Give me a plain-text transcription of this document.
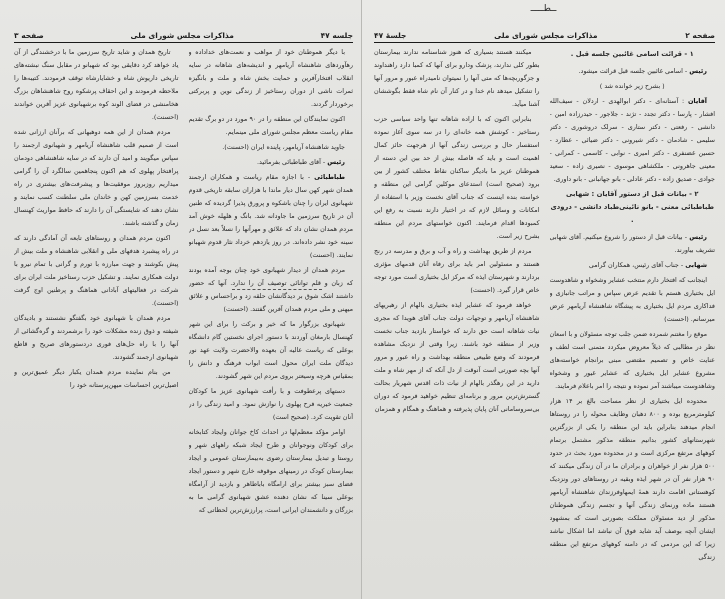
جلسه ۴۷
مذاکرات مجلس شورای ملی
صفحه ۳

با دیگر هموطنان خود از مواهب و نعمت‌های خداداده و رهآوردهای شاهنشاه آریامهر و اندیشه‌های شاهانه در سایه انقلاب افتخارآفرین و حمایت بخش شاه و ملت و بانگیزه ثمرات ناشی از دوران رستاخیز از زندگی نوین و پربرکتی برخوردار گردند.

اکنون نمایندگان این منطقه را در ۹۰ مورد در دو برگ تقدیم مقام ریاست معظم مجلس شورای ملی مینمایم.

جاوید شاهنشاه آریامهر، پاینده ایران (احسنت).

رئیس - آقای طباطبائی بفرمائید.

طباطبائی - با اجازه مقام ریاست و همکاران ارجمند همدان شهر کهن سال دیار ماندا با هزاران سابقه تاریخی قدوم شهبانوی ایران را چنان باشکوه و پرورق پذیرا گردیده که طنین آن در تاریخ سرزمین ما جاودانه شد. بانگ و هلهله خوش آمد مردم همدان نشان داد که علائق و مهرآنها را نسلاً بعد نسل در سینه خود نشر داده‌اند. در روز یازدهم خرداد نثار قدوم شهبانو نمایند. (احسنت)

مردم همدان از دیدار شهبانوی خود چنان بوجه آمده بودند که زبان و قلم توانائی توصیف آن را ندارد. آنها که حضور داشتند اشک شوق بر دیدگانشان حلقه زد و براحساس و علائق میهنی و ملی مردم همدان آفرین گفتند. (احسنت)

شهبانوی بزرگوار ما که خیر و برکت را برای این شهر کهنسال بارمغان آوردند با دستور اجرای نخستین گام دانشگاه بوعلی که ریاست عالیه آن بعهده والاحضرت ولایت عهد نور دیدگان ملت ایران محول است ابواب فرهنگ و دانش را بمقیاس هرچه وسیعتر بروی مردم این شهر گشودند.

دستهای پرعطوفت و با رأفت شهبانوی عزیز ما کودکان جمعیت خیریه فرح پهلوی را نوازش نمود. و امید زندگی را در آنان تقویت کرد. (صحیح است)

اوامر مؤکد معظم‌لها در احداث کاخ جوانان وایجاد کتابخانه برای کودکان ونوجوانان و طرح ایجاد شبکه راههای شهر و روستا و تبدیل بیمارستان رضوی به‌بیمارستان عمومی و ایجاد بیمارستان کودک در زمینهای موقوفه خارج شهر و دستور ایجاد فضای سبز بیشتر برای ارامگاه باباطاهر و بازدید از آرامگاه بوعلی سینا که نشان دهنده عشق شهبانوی گرامی ما به بزرگان و دانشمندان ایرانی است، پرارزش‌ترین لحظاتی که

تاریخ همدان و شاید تاریخ سرزمین ما با درخشندگی از آن یاد خواهد کرد دقایقی بود که شهبانو در مقابل سنگ نبشته‌های تاریخی داریوش شاه و خشایارشاه توقف فرمودند. کتیبه‌ها را ملاحظه فرمودند و این احقاف پرشکوه روح شاهنشاهان بزرگ هخامنشی در فضای الوند کوه برشهبانوی عزیز آفرین خواندند (احسنت).

مردم همدان از این همه دوهبهانی که برآنان ارزانی شده است از صمیم قلب شاهنشاه آریامهر و شهبانوی ارجمند را سپاس میگویند و امید آن دارند که در سایه شاهنشاهی دودمان پرافتخار پهلوی که هم اکنون پنجاهمین سالگرد آن را گرامی میداریم روزبروز موفقیت‌ها و پیشرفت‌های بیشتری در راه خدمت بسرزمین کهن و خاندان ملی سلطنت کسب نمایند و نشان دهند که شایستگی آن را دارند که حافظ مواریث کهنسال زمان و گذشته باشند.

اکنون مردم همدان و روستاهای تابعه آن آمادگی دارند که در راه پیشبرد هدفهای ملی و انقلابی شاهنشاه و ملت بیش از پیش بکوشند و جهت مبارزه با تورم و گرانی با تمام نیرو با دولت همکاری نمایند. و تشکیل حزب رستاخیز ملت ایران برای شرکت در فعالیتهای آبادانی هماهنگ و پرطنین اوج گرفت (احسنت).

مردم همدان با شهبانوی خود بگفتگو نشستند و بادیدگان شیفته و ذوق زنده مشکلات خود را برشمردند و گره‌گشائی از آنها را با راه حل‌های فوری دردستورهای صریح و قاطع شهبانوی ارجمند گشودند.

من بنام نماینده مردم همدان یکبار دیگر عمیق‌ترین و اصیل‌ترین احساسات میهن‌پرستانه خود را

ــطـــــ
صفحه ۲
مذاکرات مجلس شورای ملی
جلسهٔ ۴۷

۱ - قرائت اسامی غائبین جلسه قبل .

رئیس - اسامی غائبین جلسه قبل قرائت میشود.

( بشرح زیر خوانده شد )

آقایان : آستانه‌ای - دکتر ابوالهدی - اردلان - سیف‌الله افشار - پارسا - دکتر تجدد - تژند - جلاجور - حیدرزاده امین - دانشی - رفعتی - دکتر ستاری - سرلک دروشوری - دکتر سلیمی - شادمان - دکتر شیرونی - دکتر ضیائی - عطارد - حسین غضنفری - دکتر امیری - نوابی - کاسمی - کمرانی - معینی جاهرونی - ملکشاهی موسوی - نصیری زاده - سعید جوادی - صدیق زاده - دکتر عادلی - بانو جهانبانی - بانو داوری.

۲ - بیانات قبل از دستور آقایان : شهابی طباطبائی معنی - بانو نائینی‌طباد دانشی - درودی .

رئیس - بیانات قبل از دستور را شروع میکنیم. آقای شهابی تشریف بیاورند.

شهابی - جناب آقای رئیس، همکاران گرامی

اینجانب که افتخار دارم منتخب عشایر وشخواه و شاهدوست ایل بختیاری هستم با تقدیم عرض سپاس و مراتب جانبازی و فداکاری مردم ایل بختیاری به پیشگاه شاهنشاه آریامهر عرض میرسانم. (احسنت)

موقع را مغتنم شمرده ضمن جلب توجه مسئولان و با اسعان نظر در مطالبی که ذیلاً معروض میکردد متمنی است لطف و عنایت خاص و تصمیم مقتضی مبنی برانجام خواسته‌های مشروع عشایر ایل بختیاری که عشایر غیور و وشخواه وشاهدوست میباشند آمر نموده و نتیجه را امر باعلام فرمایند.

محدوده ایل بختیاری از نظر مساحت بالغ بر ۱۴ هزار کیلومترمربع بوده و ۸۰۰ دهبان وظایف محوله را در روستاها انجام میدهند بنابراین باید این منطقه را یکی از بزرگترین شهرستانهای کشور بدانیم منطقه مذکور مشتمل برتمام کوههای مرتفع مرکزی است و در محدوده مورد بحث در حدود ۵۰۰ هزار نفر از خواهران و برادران ما در آن زندگی میکنند که ۹۰ هزار نفر آن در شهر ایذه وبقیه در روستاهای دور ونزدیک کوهستانی اقامت دارند همهٔ ایمهاوفرزندان شاهنشاه آریامهر هستند ماده ورنمای زندگی آنها و تجسم زندگی هموطنان مذکور از دید مسئولان مملکت بصورتی است که بمشهود ایشان آنچه بوصف آید شاید فوق آن نباشد اما اشکال نباشد زیرا که این مردمی که در دامنه کوههای مرتفع این منطقه زندگی

میکنند هستند بسیاری که هنوز شناسنامه ندارند بیمارستان بطور کلی ندارند، پزشک ودارو برای آنها که کمبا دارد راهنداوند و جزگوربچه‌ها که متی آنها را نمیتوان نامیدراه عبور و مرور آنها را تشکیل میدهد نام خدا و در کنار آن نام شاه فقط بگوششان آشنا میآید.

بنابراین اکنون که با اراده شاهانه تنها واحد سیاسی حزب رستاخیز - کوشش همه خانه‌ای را در سه سوی آغاز نموده استفسار حال و بررسی زندگی آنها از هرجهت حائز کمال اهمیت است و باید که فاصله بیش از حد بین این دسته از هموطنان عزیز ما بادیگر ساکنان نقاط مختلف کشور از بین برود (صحیح است) استدعای موکلین گرامی این منطقه و خواسته بنده اینست که جناب آقای نخست وزیر با استفاده از امکانات و وسائل لازم که در اختیار دارند نسبت به رفع این کمبودها اقدام فرمایند. اکنون خواستهای مردم این منطقه بشرح زیر است.

مردم از طریق بهداشت و راه و آب و برق و مدرسه در رنج هستند و مسئولین امر باید برای رفاه آنان قدمهای مؤثری بردارند و شهرستان ایذه که مرکز ایل بختیاری است مورد توجه خاص قرار گیرد. (احسنت)

خواهد فرمود که عشایر ایذه بختیاری بالهام از رهبریهای شاهنشاه آریامهر و توجهات دولت جناب آقای هویدا که مجری نیات شاهانه است حق دارند که خواستار بازدید جناب نخست وزیر از منطقه خود باشند. زیرا وقتی از نزدیک مشاهده فرمودند که وضع طبیعی منطقه بهداشت و راه عبور و مرور آنها بچه صورتی است آنوقت از دل آنکه که از مهر شاه و ملت دارید در این رهگذر بالهام از نیات ذات اقدس شهریار بحالت گسترش‌ترین مرور و برنامه‌ای تنظیم خواهید فرمود که دوران بی‌سروسامانی آنان پایان پذیرفته و هماهنگ و همگام و همزمان
